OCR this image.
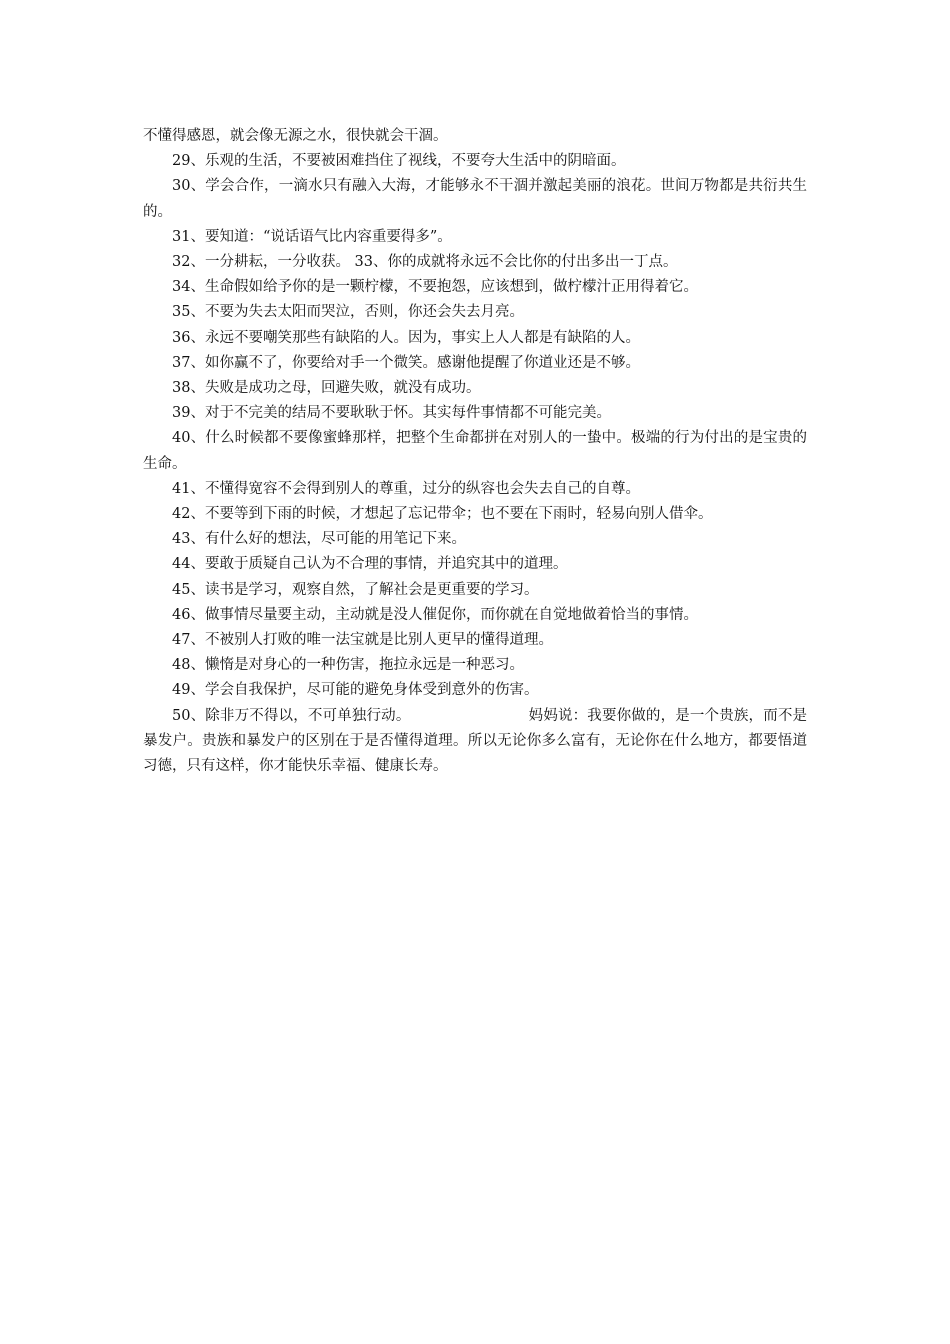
不懂得感恩，就会像无源之水，很快就会干涸。

29、乐观的生活，不要被困难挡住了视线，不要夸大生活中的阴暗面。

30、学会合作，一滴水只有融入大海，才能够永不干涸并激起美丽的浪花。世间万物都是共衍共生的。

31、要知道：“说话语气比内容重要得多”。

32、一分耕耘，一分收获。 33、你的成就将永远不会比你的付出多出一丁点。

34、生命假如给予你的是一颗柠檬，不要抱怨，应该想到，做柠檬汁正用得着它。

35、不要为失去太阳而哭泣，否则，你还会失去月亮。

36、永远不要嘲笑那些有缺陷的人。因为，事实上人人都是有缺陷的人。

37、如你赢不了，你要给对手一个微笑。感谢他提醒了你道业还是不够。

38、失败是成功之母，回避失败，就没有成功。

39、对于不完美的结局不要耿耿于怀。其实每件事情都不可能完美。

40、什么时候都不要像蜜蜂那样，把整个生命都拼在对别人的一蛰中。极端的行为付出的是宝贵的生命。

41、不懂得宽容不会得到别人的尊重，过分的纵容也会失去自己的自尊。

42、不要等到下雨的时候，才想起了忘记带伞；也不要在下雨时，轻易向别人借伞。

43、有什么好的想法，尽可能的用笔记下来。

44、要敢于质疑自己认为不合理的事情，并追究其中的道理。

45、读书是学习，观察自然，了解社会是更重要的学习。

46、做事情尽量要主动，主动就是没人催促你，而你就在自觉地做着恰当的事情。

47、不被别人打败的唯一法宝就是比别人更早的懂得道理。

48、懒惰是对身心的一种伤害，拖拉永远是一种恶习。

49、学会自我保护，尽可能的避免身体受到意外的伤害。

50、除非万不得以，不可单独行动。	妈妈说：我要你做的，是一个贵族，而不是暴发户。贵族和暴发户的区别在于是否懂得道理。所以无论你多么富有，无论你在什么地方，都要悟道习德，只有这样，你才能快乐幸福、健康长寿。
